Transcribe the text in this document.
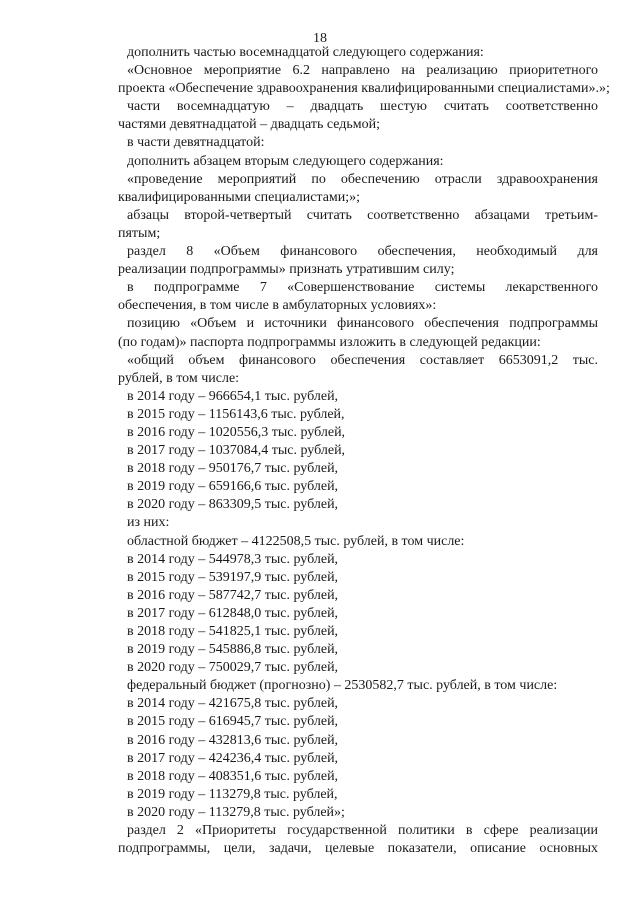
18
дополнить частью восемнадцатой следующего содержания:
«Основное мероприятие 6.2 направлено на реализацию приоритетного
проекта «Обеспечение здравоохранения квалифицированными специалистами».»;
части восемнадцатую – двадцать шестую считать соответственно
частями девятнадцатой – двадцать седьмой;
в части девятнадцатой:
дополнить абзацем вторым следующего содержания:
«проведение мероприятий по обеспечению отрасли здравоохранения
квалифицированными специалистами;»;
абзацы второй-четвертый считать соответственно абзацами третьим-
пятым;
раздел 8 «Объем финансового обеспечения, необходимый для
реализации подпрограммы» признать утратившим силу;
в подпрограмме 7 «Совершенствование системы лекарственного
обеспечения, в том числе в амбулаторных условиях»:
позицию «Объем и источники финансового обеспечения подпрограммы
(по годам)» паспорта подпрограммы изложить в следующей редакции:
«общий объем финансового обеспечения составляет 6653091,2 тыс.
рублей, в том числе:
в 2014 году – 966654,1 тыс. рублей,
в 2015 году – 1156143,6 тыс. рублей,
в 2016 году – 1020556,3 тыс. рублей,
в 2017 году – 1037084,4 тыс. рублей,
в 2018 году – 950176,7 тыс. рублей,
в 2019 году – 659166,6 тыс. рублей,
в 2020 году – 863309,5 тыс. рублей,
из них:
областной бюджет – 4122508,5 тыс. рублей, в том числе:
в 2014 году – 544978,3 тыс. рублей,
в 2015 году – 539197,9 тыс. рублей,
в 2016 году – 587742,7 тыс. рублей,
в 2017 году – 612848,0 тыс. рублей,
в 2018 году – 541825,1 тыс. рублей,
в 2019 году – 545886,8 тыс. рублей,
в 2020 году – 750029,7 тыс. рублей,
федеральный бюджет (прогнозно) – 2530582,7 тыс. рублей, в том числе:
в 2014 году – 421675,8 тыс. рублей,
в 2015 году – 616945,7 тыс. рублей,
в 2016 году – 432813,6 тыс. рублей,
в 2017 году – 424236,4 тыс. рублей,
в 2018 году – 408351,6 тыс. рублей,
в 2019 году – 113279,8 тыс. рублей,
в 2020 году – 113279,8 тыс. рублей»;
раздел 2 «Приоритеты государственной политики в сфере реализации
подпрограммы, цели, задачи, целевые показатели, описание основных
